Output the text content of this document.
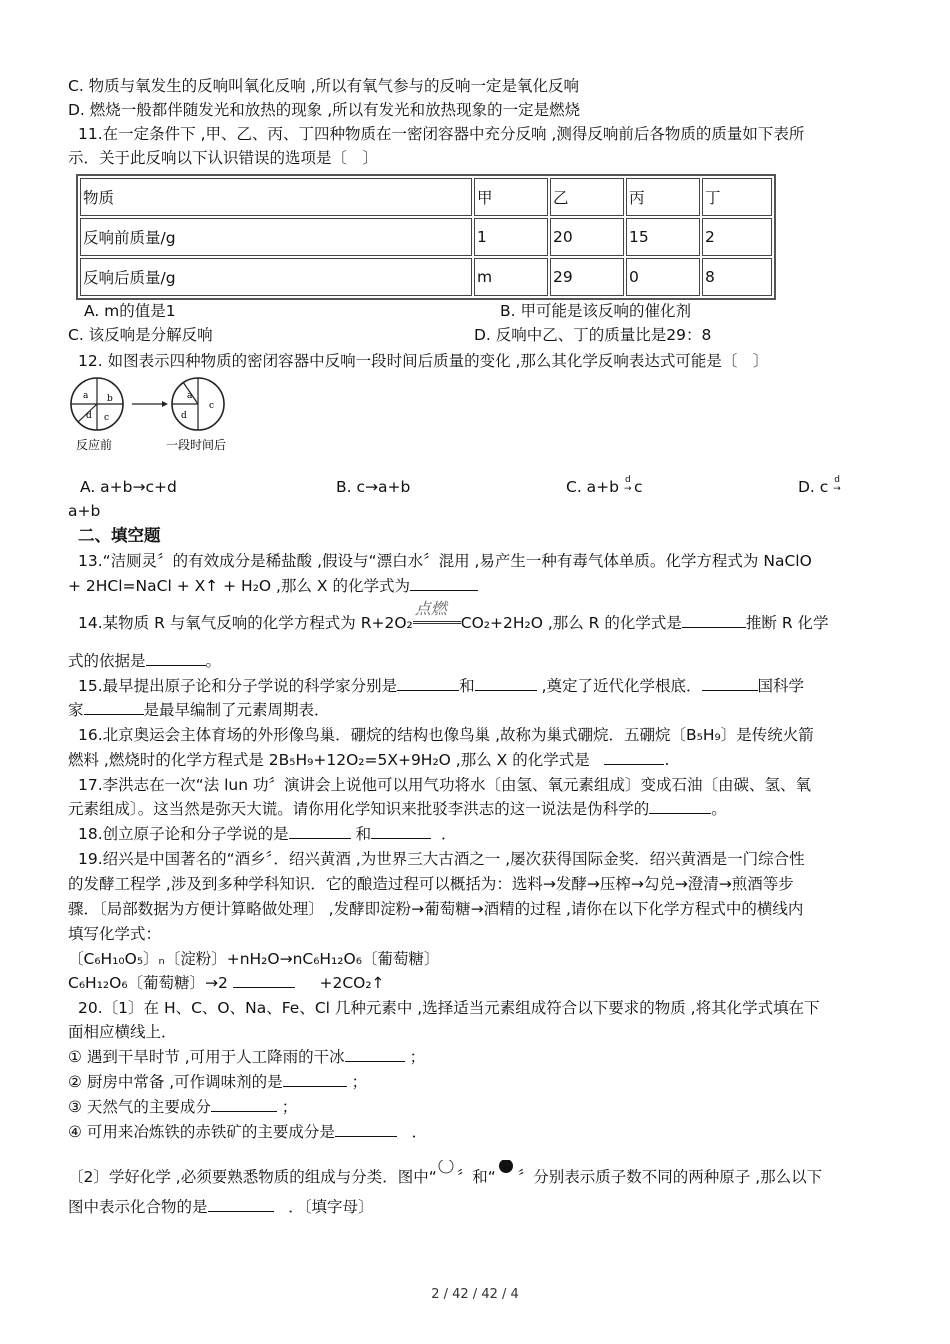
C. 物质与氧发生的反响叫氧化反响 ,所以有氧气参与的反响一定是氧化反响
D. 燃烧一般都伴随发光和放热的现象 ,所以有发光和放热现象的一定是燃烧
11.在一定条件下 ,甲、乙、丙、丁四种物质在一密闭容器中充分反响 ,测得反响前后各物质的质量如下表所
示．关于此反响以下认识错误的选项是〔　〕
物质	甲	乙	丙	丁
反响前质量/g	1	20	15	2
反响后质量/g	m	29	0	8
A. m的值是1	B. 甲可能是该反响的催化剂
C. 该反响是分解反响	D. 反响中乙、丁的质量比是29：8
12. 如图表示四种物质的密闭容器中反响一段时间后质量的变化 ,那么其化学反响表达式可能是〔　〕
a b
c
d
a
d
c
反应前	一段时间后
A. a+b→c+d	B. c→a+b	C. a+b d
→ c	D. c d
→
a+b
二、填空题
13.“洁厕灵〞的有效成分是稀盐酸 ,假设与“漂白水〞混用 ,易产生一种有毒气体单质。化学方程式为 NaClO
+ 2HCl=NaCl + X↑ + H₂O ,那么 X 的化学式为
14.某物质 R 与氧气反响的化学方程式为 R+2O₂
点燃
CO₂+2H₂O ,那么 R 的化学式是	推断 R 化学
式的依据是	。
15.最早提出原子论和分子学说的科学家分别是	和	,奠定了近代化学根底．	国科学
家	是最早编制了元素周期表．
16.北京奥运会主体育场的外形像鸟巢．硼烷的结构也像鸟巢 ,故称为巢式硼烷．五硼烷〔B₅H₉〕是传统火箭
燃料 ,燃烧时的化学方程式是 2B₅H₉+12O₂=5X+9H₂O ,那么 X 的化学式是	.
17.李洪志在一次“法 lun 功〞演讲会上说他可以用气功将水〔由氢、氧元素组成〕变成石油〔由碳、氢、氧
元素组成〕。这当然是弥天大谎。请你用化学知识来批驳李洪志的这一说法是伪科学的	。
18.创立原子论和分子学说的是	和	．
19.绍兴是中国著名的“酒乡〞．绍兴黄酒 ,为世界三大古酒之一 ,屡次获得国际金奖．绍兴黄酒是一门综合性
的发酵工程学 ,涉及到多种学科知识．它的酿造过程可以概括为：选料→发酵→压榨→勾兑→澄清→煎酒等步
骤．〔局部数据为方便计算略做处理〕 ,发酵即淀粉→葡萄糖→酒精的过程 ,请你在以下化学方程式中的横线内
填写化学式：
〔C₆H₁₀O₅〕ₙ〔淀粉〕+nH₂O→nC₆H₁₂O₆〔葡萄糖〕
C₆H₁₂O₆〔葡萄糖〕→2	+2CO₂↑
20.〔1〕在 H、C、O、Na、Fe、Cl 几种元素中 ,选择适当元素组成符合以下要求的物质 ,将其化学式填在下
面相应横线上．
① 遇到干旱时节 ,可用于人工降雨的干冰	；
② 厨房中常备 ,可作调味剂的是	；
③ 天然气的主要成分	；
④ 可用来冶炼铁的赤铁矿的主要成分是	．
〔2〕学好化学 ,必须要熟悉物质的组成与分类．图中“ 〞和“ 〞分别表示质子数不同的两种原子 ,那么以下
图中表示化合物的是	．〔填字母〕
2 / 42 / 42 / 4
